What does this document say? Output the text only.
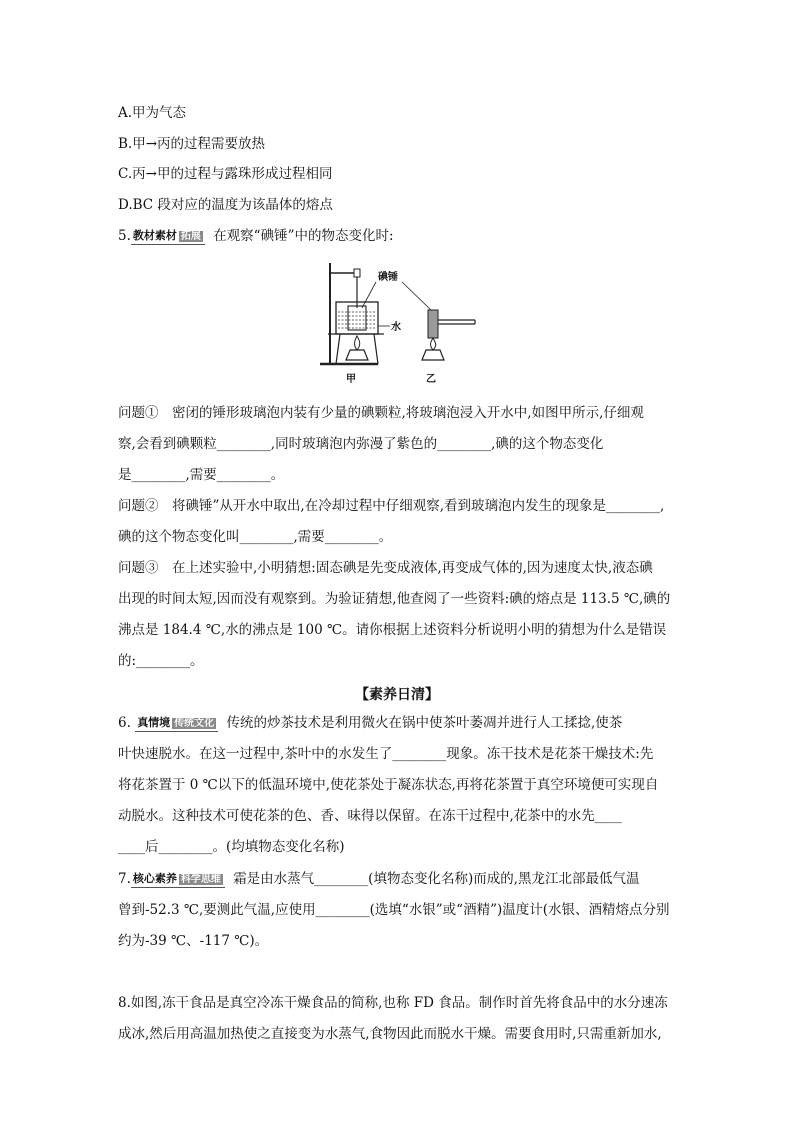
A.甲为气态
B.甲→丙的过程需要放热
C.丙→甲的过程与露珠形成过程相同
D.BC 段对应的温度为该晶体的熔点
5. 教材素材 拓展 在观察“碘锤”中的物态变化时:
碘锤
水
甲	乙
问题①　密闭的锤形玻璃泡内装有少量的碘颗粒,将玻璃泡浸入开水中,如图甲所示,仔细观
察,会看到碘颗粒________,同时玻璃泡内弥漫了紫色的________,碘的这个物态变化
是________,需要________。
问题②　将碘锤”从开水中取出,在冷却过程中仔细观察,看到玻璃泡内发生的现象是________,
碘的这个物态变化叫________,需要________。
问题③　在上述实验中,小明猜想:固态碘是先变成液体,再变成气体的,因为速度太快,液态碘
出现的时间太短,因而没有观察到。为验证猜想,他查阅了一些资料:碘的熔点是 113.5 ℃,碘的
沸点是 184.4 ℃,水的沸点是 100 ℃。请你根据上述资料分析说明小明的猜想为什么是错误
的:________。
【素养日清】
6. 真情境 传统文化 传统的炒茶技术是利用微火在锅中使茶叶萎凋并进行人工揉捻,使茶
叶快速脱水。在这一过程中,茶叶中的水发生了________现象。冻干技术是花茶干燥技术:先
将花茶置于 0 ℃以下的低温环境中,使花茶处于凝冻状态,再将花茶置于真空环境便可实现自
动脱水。这种技术可使花茶的色、香、味得以保留。在冻干过程中,花茶中的水先____
____后________。(均填物态变化名称)
7. 核心素养 科学思维 霜是由水蒸气________(填物态变化名称)而成的,黑龙江北部最低气温
曾到-52.3 ℃,要测此气温,应使用________(选填“水银”或“酒精”)温度计(水银、酒精熔点分别
约为-39 ℃、-117 ℃)。
8.如图,冻干食品是真空冷冻干燥食品的简称,也称 FD 食品。制作时首先将食品中的水分速冻
成冰,然后用高温加热使之直接变为水蒸气,食物因此而脱水干燥。需要食用时,只需重新加水,
